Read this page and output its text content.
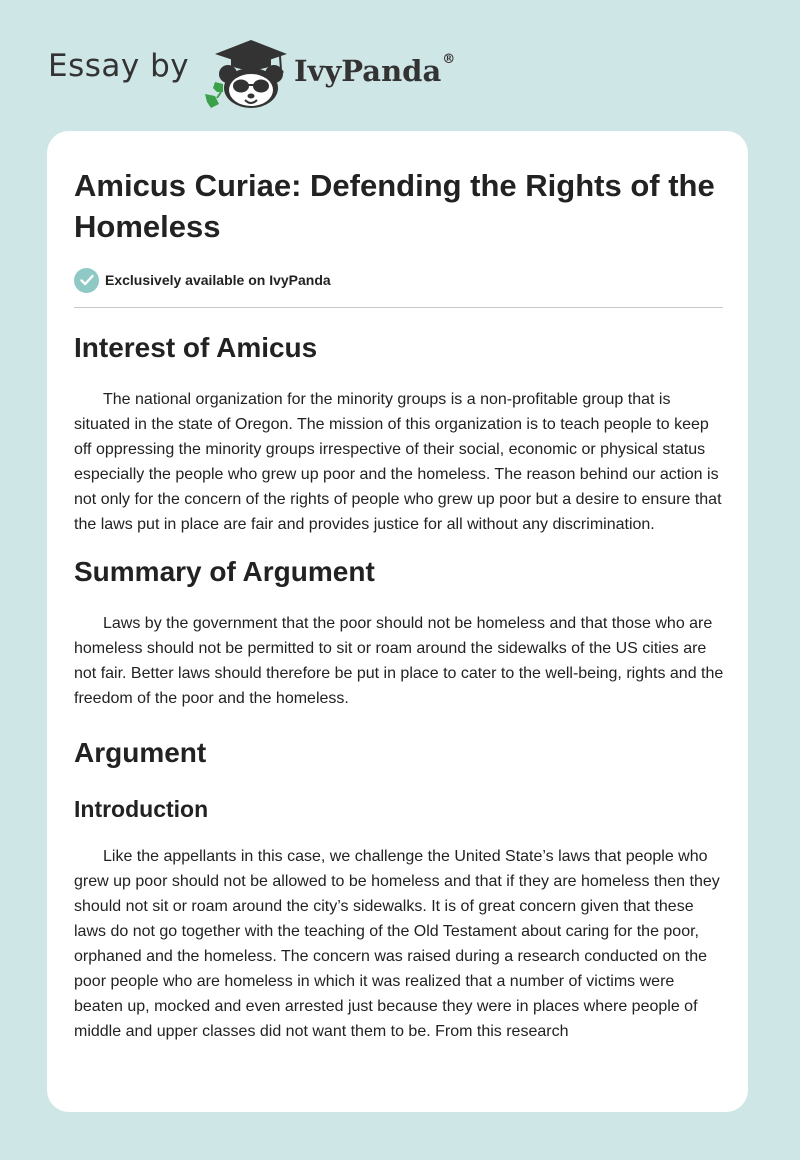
Essay by	IvyPanda®
Amicus Curiae: Defending the Rights of the Homeless
Exclusively available on IvyPanda
Interest of Amicus

The national organization for the minority groups is a non-profitable group that is situated in the state of Oregon. The mission of this organization is to teach people to keep off oppressing the minority groups irrespective of their social, economic or physical status especially the people who grew up poor and the homeless. The reason behind our action is not only for the concern of the rights of people who grew up poor but a desire to ensure that the laws put in place are fair and provides justice for all without any discrimination.

Summary of Argument

Laws by the government that the poor should not be homeless and that those who are homeless should not be permitted to sit or roam around the sidewalks of the US cities are not fair. Better laws should therefore be put in place to cater to the well-being, rights and the freedom of the poor and the homeless.

Argument
Introduction

Like the appellants in this case, we challenge the United State’s laws that people who grew up poor should not be allowed to be homeless and that if they are homeless then they should not sit or roam around the city’s sidewalks. It is of great concern given that these laws do not go together with the teaching of the Old Testament about caring for the poor, orphaned and the homeless. The concern was raised during a research conducted on the poor people who are homeless in which it was realized that a number of victims were beaten up, mocked and even arrested just because they were in places where people of middle and upper classes did not want them to be. From this research
